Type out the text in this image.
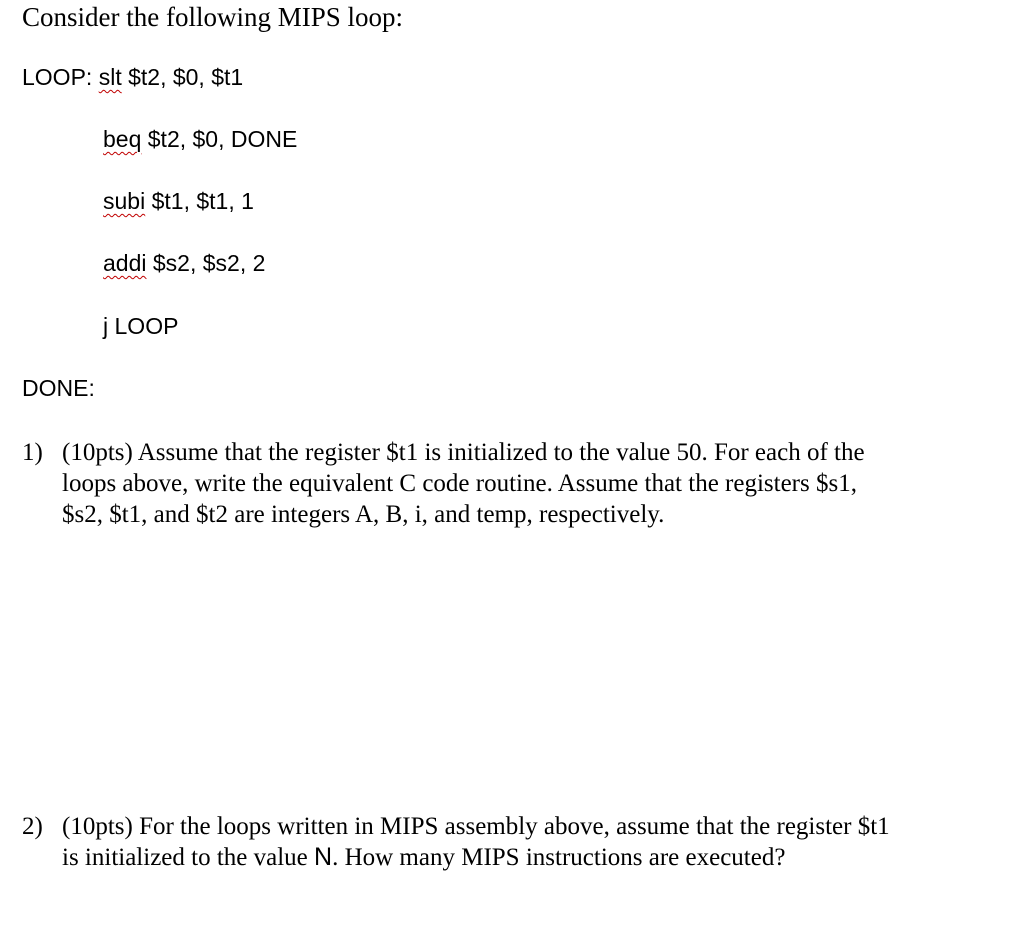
Consider the following MIPS loop:
LOOP: slt $t2, $0, $t1
beq $t2, $0, DONE
subi $t1, $t1, 1
addi $s2, $s2, 2
j LOOP
DONE:
1) (10pts) Assume that the register $t1 is initialized to the value 50. For each of the
loops above, write the equivalent C code routine. Assume that the registers $s1,
$s2, $t1, and $t2 are integers A, B, i, and temp, respectively.
2) (10pts) For the loops written in MIPS assembly above, assume that the register $t1
is initialized to the value N. How many MIPS instructions are executed?
